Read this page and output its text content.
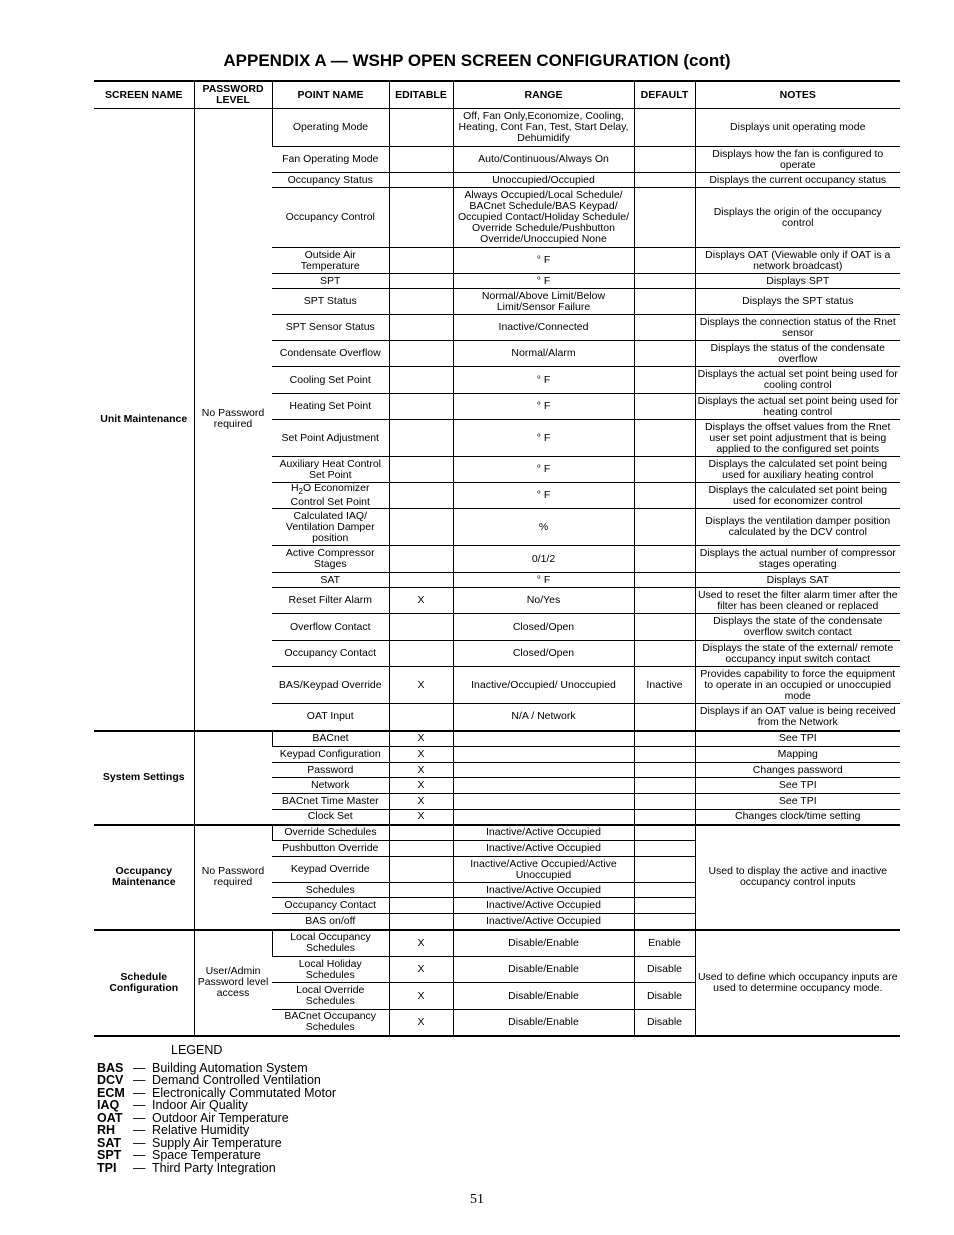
APPENDIX A — WSHP OPEN SCREEN CONFIGURATION (cont)
SCREEN NAME	PASSWORD LEVEL	POINT NAME	EDITABLE	RANGE	DEFAULT	NOTES
Unit Maintenance	No Password required	Operating Mode		Off, Fan Only,Economize, Cooling, Heating, Cont Fan, Test, Start Delay, Dehumidify		Displays unit operating mode
		Fan Operating Mode		Auto/Continuous/Always On		Displays how the fan is configured to operate
		Occupancy Status		Unoccupied/Occupied		Displays the current occupancy status
		Occupancy Control		Always Occupied/Local Schedule/ BACnet Schedule/BAS Keypad/ Occupied Contact/Holiday Schedule/ Override Schedule/Pushbutton Override/Unoccupied None		Displays the origin of the occupancy control
		Outside Air Temperature		° F		Displays OAT (Viewable only if OAT is a network broadcast)
		SPT		° F		Displays SPT
		SPT Status		Normal/Above Limit/Below Limit/Sensor Failure		Displays the SPT status
		SPT Sensor Status		Inactive/Connected		Displays the connection status of the Rnet sensor
		Condensate Overflow		Normal/Alarm		Displays the status of the condensate overflow
		Cooling Set Point		° F		Displays the actual set point being used for cooling control
		Heating Set Point		° F		Displays the actual set point being used for heating control
		Set Point Adjustment		° F		Displays the offset values from the Rnet user set point adjustment that is being applied to the configured set points
		Auxiliary Heat Control Set Point		° F		Displays the calculated set point being used for auxiliary heating control
		$H_2O$ Economizer Control Set Point		° F		Displays the calculated set point being used for economizer control
		Calculated IAQ/ Ventilation Damper position		%		Displays the ventilation damper position calculated by the DCV control
		Active Compressor Stages		0/1/2		Displays the actual number of compressor stages operating
		SAT		° F		Displays SAT
		Reset Filter Alarm	X	No/Yes		Used to reset the filter alarm timer after the filter has been cleaned or replaced
		Overflow Contact		Closed/Open		Displays the state of the condensate overflow switch contact
		Occupancy Contact		Closed/Open		Displays the state of the external/ remote occupancy input switch contact
		BAS/Keypad Override	X	Inactive/Occupied/ Unoccupied	Inactive	Provides capability to force the equipment to operate in an occupied or unoccupied mode
		OAT Input		N/A / Network		Displays if an OAT value is being received from the Network
System Settings		BACnet	X			See TPI
		Keypad Configuration	X			Mapping
		Password	X			Changes password
		Network	X			See TPI
		BACnet Time Master	X			See TPI
		Clock Set	X			Changes clock/time setting
Occupancy Maintenance	No Password required	Override Schedules		Inactive/Active Occupied		Used to display the active and inactive occupancy control inputs
		Pushbutton Override		Inactive/Active Occupied		
		Keypad Override		Inactive/Active Occupied/Active Unoccupied		
		Schedules		Inactive/Active Occupied		
		Occupancy Contact		Inactive/Active Occupied		
		BAS on/off		Inactive/Active Occupied		
Schedule Configuration	User/Admin Password level access	Local Occupancy Schedules	X	Disable/Enable	Enable	Used to define which occupancy inputs are used to determine occupancy mode.
		Local Holiday Schedules	X	Disable/Enable	Disable	
		Local Override Schedules	X	Disable/Enable	Disable	
		BACnet Occupancy Schedules	X	Disable/Enable	Disable	
LEGEND
BAS — Building Automation System
DCV — Demand Controlled Ventilation
ECM — Electronically Commutated Motor
IAQ	— Indoor Air Quality
OAT — Outdoor Air Temperature
RH	— Relative Humidity
SAT — Supply Air Temperature
SPT — Space Temperature
TPI	— Third Party Integration
51
